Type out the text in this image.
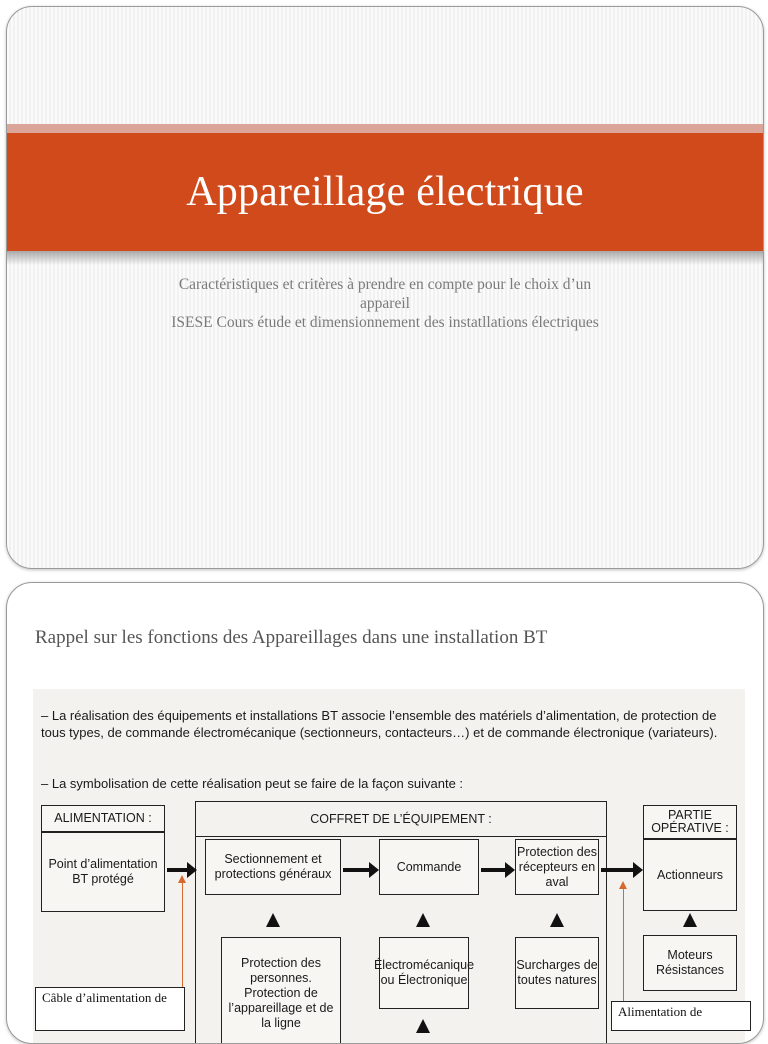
Appareillage électrique
Caractéristiques et critères à prendre en compte pour le choix d’un
appareil
ISESE Cours étude et dimensionnement des instatllations électriques
Rappel sur les fonctions des Appareillages dans une installation BT
– La réalisation des équipements et installations BT associe l’ensemble des matériels d’alimentation, de protection de tous types, de commande électromécanique (sectionneurs, contacteurs…) et de commande électronique (variateurs).
– La symbolisation de cette réalisation peut se faire de la façon suivante :
ALIMENTATION :
Point d’alimentation BT protégé
COFFRET DE L’ÉQUIPEMENT :
Sectionnement et protections généraux
Commande
Protection des récepteurs en aval
Protection des personnes. Protection de l’appareillage et de la ligne
Électromécanique ou Électronique
Surcharges de toutes natures
PARTIE OPÉRATIVE :
Actionneurs
Moteurs Résistances
Câble d’alimentation de
Alimentation de
